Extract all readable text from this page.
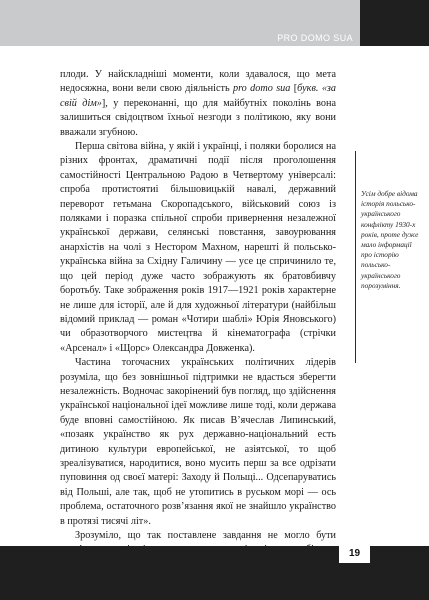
PRO DOMO SUA

плоди. У найскладніші моменти, коли здавалося, що мета недосяжна, вони вели свою діяльність pro domo sua [букв. «за свій дім»], у переконанні, що для майбутніх поколінь вона залишиться свідоцтвом їхньої незгоди з політикою, яку вони вважали згубною.

Перша світова війна, у якій і українці, і поляки боролися на різних фронтах, драматичні події після проголошення самостійності Центральною Радою в Четвертому універсалі: спроба протистоятиі більшовицькій навалі, державний переворот гетьмана Скоропадського, військовий союз із поляками і поразка спільної спроби привернення незалежної української держави, селянські повстання, завоурювання анархістів на чолі з Нестором Махном, нарешті й польсько-українська війна за Східну Галичину — усе це спричинило те, що цей період дуже часто зображують як братовбивчу боротьбу. Таке зображення років 1917—1921 років характерне не лише для історії, але й для художньої літератури (найбільш відомий приклад — роман «Чотири шаблі» Юрія Яновського) чи образотворчого мистецтва й кінематографа (стрічки «Арсенал» і «Щорс» Олександра Довженка).

Частина тогочасних українських політичних лідерів розуміла, що без зовнішньої підтримки не вдасться зберегти незалежність. Водночас закорінений був погляд, що здійснення української національної ідеї можливе лише тоді, коли держава буде вповні самостійною. Як писав В’ячеслав Липинський, «позаяк українство як рух державно-національний есть дитиною культури европейської, не азіятської, то щоб зреалізуватися, народитися, воно мусить перш за все одрізати пуповиння од своєї матері: Заходу й Польщі... Одсепаруватись від Польші, але так, щоб не утопитись в руськом морі — ось проблема, остаточного розв’язання якої не знайшло українство в протязі тисячі літ».

Зрозуміло, що так поставлене завдання не могло бути

Усім добре відома історія польсько-українського конфлікту 1930-х років, проте дуже мало інформації про історію польсько-українського порозуміння.
19
